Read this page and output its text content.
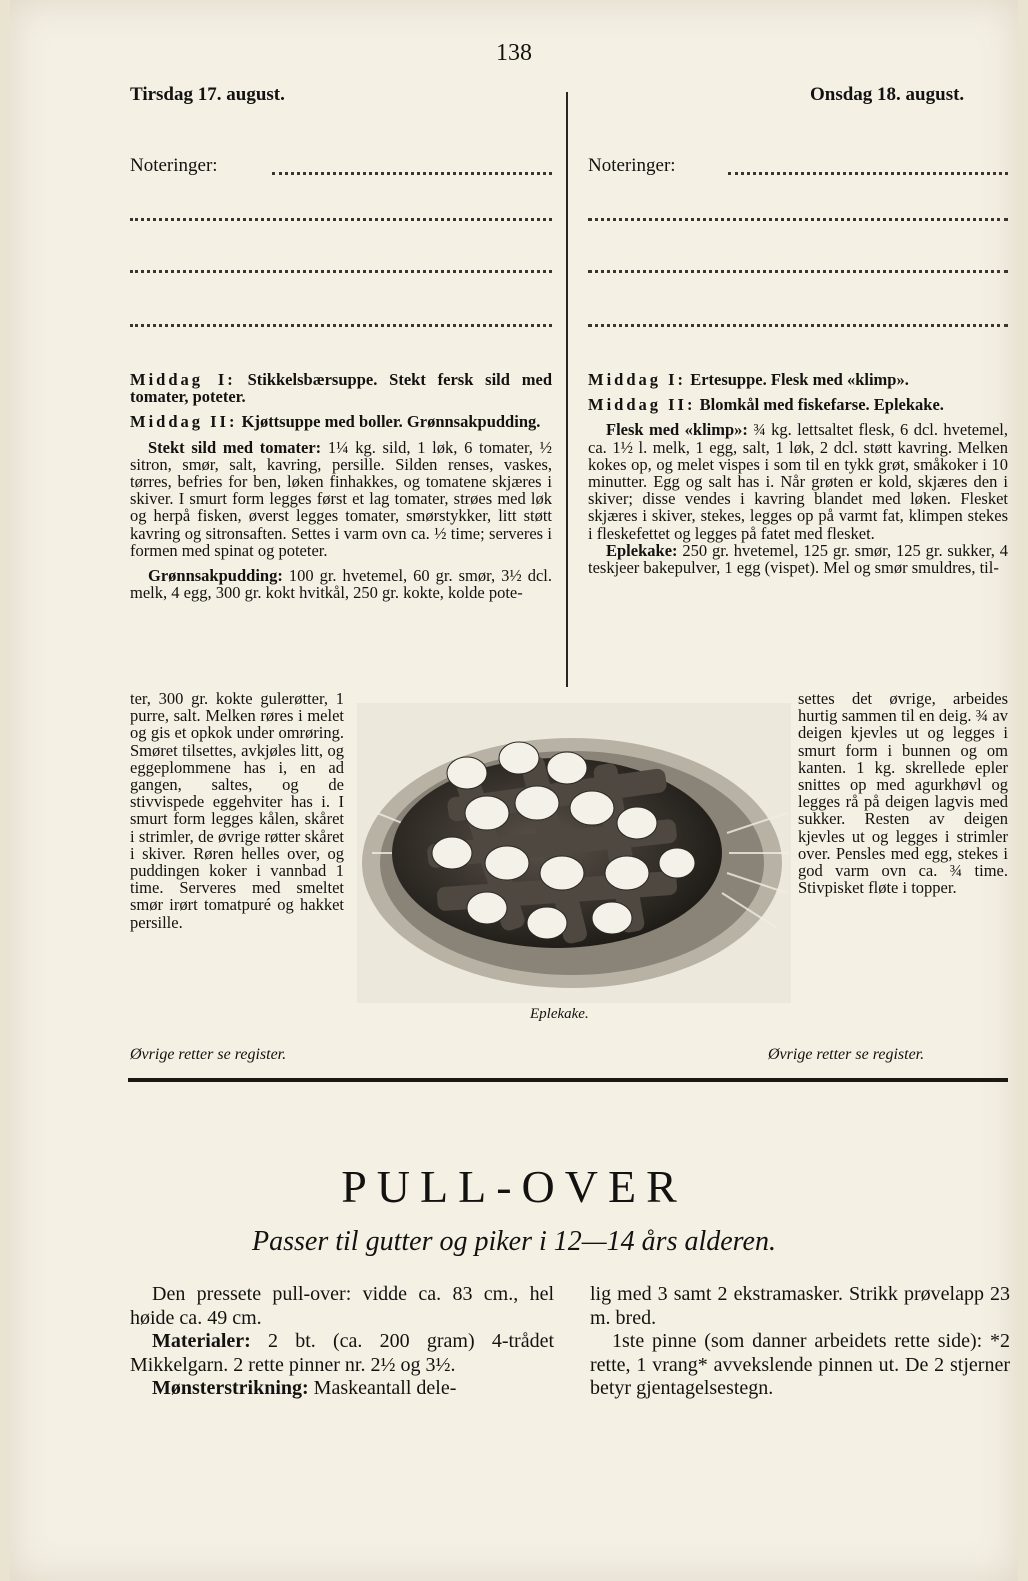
138
Tirsdag 17. august.	Onsdag 18. august.
Noteringer:	Noteringer:

Middag I: Stikkelsbærsuppe. Stekt fersk sild med tomater, poteter.

Middag II: Kjøttsuppe med boller. Grønnsakpudding.

Stekt sild med tomater: 1¼ kg. sild, 1 løk, 6 tomater, ½ sitron, smør, salt, kavring, persille. Silden renses, vaskes, tørres, befries for ben, løken finhakkes, og tomatene skjæres i skiver. I smurt form legges først et lag tomater, strøes med løk og herpå fisken, øverst legges tomater, smørstykker, litt støtt kavring og sitronsaften. Settes i varm ovn ca. ½ time; serveres i formen med spinat og poteter.

Grønnsakpudding: 100 gr. hvetemel, 60 gr. smør, 3½ dcl. melk, 4 egg, 300 gr. kokt hvitkål, 250 gr. kokte, kolde pote-

ter, 300 gr. kokte gulerøtter, 1 purre, salt. Melken røres i melet og gis et opkok under omrøring. Smøret tilsettes, avkjøles litt, og eggeplommene has i, en ad gangen, saltes, og de stivvispede eggehviter has i. I smurt form legges kålen, skåret i strimler, de øvrige røtter skåret i skiver. Røren helles over, og puddingen koker i vannbad 1 time. Serveres med smeltet smør irørt tomatpuré og hakket persille.
Øvrige retter se register.

Middag I: Ertesuppe. Flesk med «klimp».

Middag II: Blomkål med fiskefarse. Eplekake.

Flesk med «klimp»: ¾ kg. lettsaltet flesk, 6 dcl. hvetemel, ca. 1½ l. melk, 1 egg, salt, 1 løk, 2 dcl. støtt kavring. Melken kokes op, og melet vispes i som til en tykk grøt, småkoker i 10 minutter. Egg og salt has i. Når grøten er kold, skjæres den i skiver; disse vendes i kavring blandet med løken. Flesket skjæres i skiver, stekes, legges op på varmt fat, klimpen stekes i fleskefettet og legges på fatet med flesket.

Eplekake: 250 gr. hvetemel, 125 gr. smør, 125 gr. sukker, 4 teskjeer bakepulver, 1 egg (vispet). Mel og smør smuldres, til-

settes det øvrige, arbeides hurtig sammen til en deig. ¾ av deigen kjevles ut og legges i smurt form i bunnen og om kanten. 1 kg. skrellede epler snittes op med agurkhøvl og legges rå på deigen lagvis med sukker. Resten av deigen kjevles ut og legges i strimler over. Pensles med egg, stekes i god varm ovn ca. ¾ time. Stivpisket fløte i topper.
Øvrige retter se register.
Eplekake.
PULL-OVER
Passer til gutter og piker i 12—14 års alderen.

Den pressete pull-over: vidde ca. 83 cm., hel høide ca. 49 cm.

Materialer: 2 bt. (ca. 200 gram) 4-trådet Mikkelgarn. 2 rette pinner nr. 2½ og 3½.

Mønsterstrikning: Maskeantall dele-

lig med 3 samt 2 ekstramasker. Strikk prøvelapp 23 m. bred.

1ste pinne (som danner arbeidets rette side): *2 rette, 1 vrang* avvekslende pinnen ut. De 2 stjerner betyr gjentagelsestegn.
